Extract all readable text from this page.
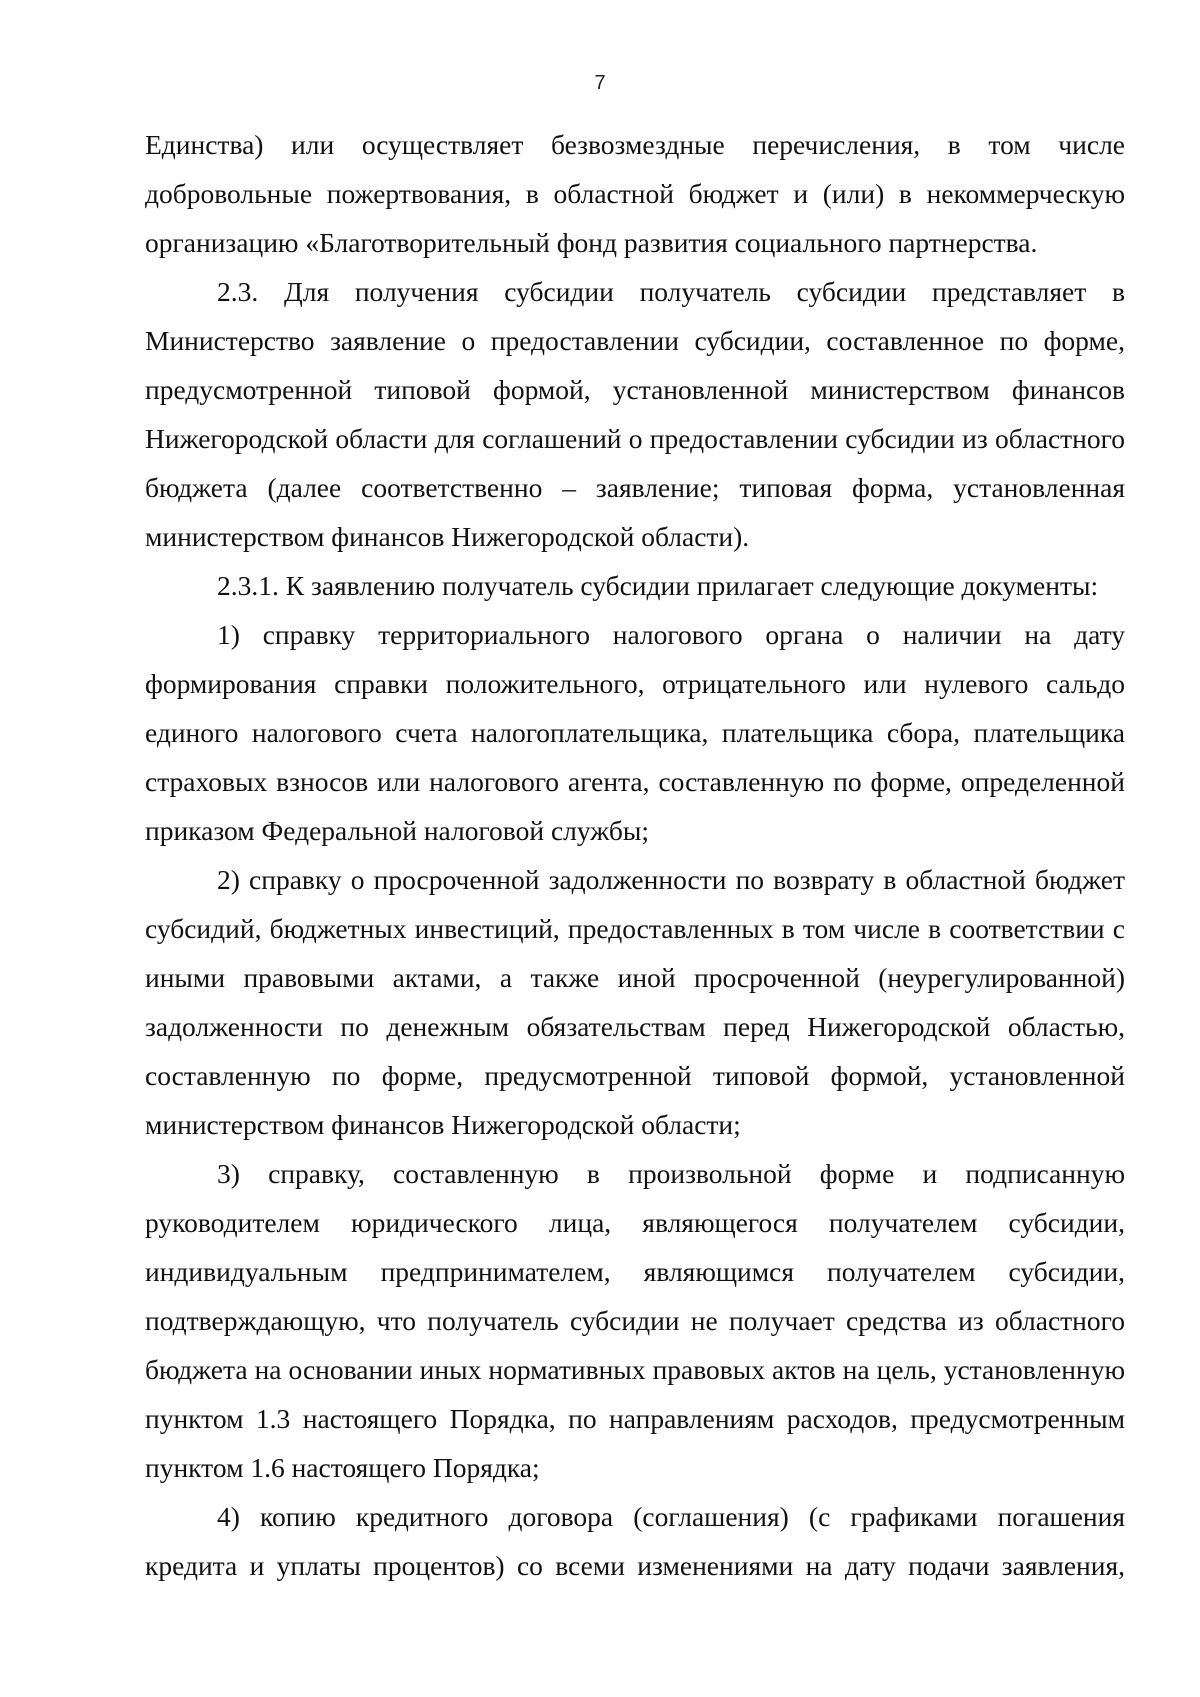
7

Единства) или осуществляет безвозмездные перечисления, в том числе добровольные пожертвования, в областной бюджет и (или) в некоммерческую организацию «Благотворительный фонд развития социального партнерства.

2.3. Для получения субсидии получатель субсидии представляет в Министерство заявление о предоставлении субсидии, составленное по форме, предусмотренной типовой формой, установленной министерством финансов Нижегородской области для соглашений о предоставлении субсидии из областного бюджета (далее соответственно – заявление; типовая форма, установленная министерством финансов Нижегородской области).

2.3.1. К заявлению получатель субсидии прилагает следующие документы:

1) справку территориального налогового органа о наличии на дату формирования справки положительного, отрицательного или нулевого сальдо единого налогового счета налогоплательщика, плательщика сбора, плательщика страховых взносов или налогового агента, составленную по форме, определенной приказом Федеральной налоговой службы;

2) справку о просроченной задолженности по возврату в областной бюджет субсидий, бюджетных инвестиций, предоставленных в том числе в соответствии с иными правовыми актами, а также иной просроченной (неурегулированной) задолженности по денежным обязательствам перед Нижегородской областью, составленную по форме, предусмотренной типовой формой, установленной министерством финансов Нижегородской области;

3) справку, составленную в произвольной форме и подписанную руководителем юридического лица, являющегося получателем субсидии, индивидуальным предпринимателем, являющимся получателем субсидии, подтверждающую, что получатель субсидии не получает средства из областного бюджета на основании иных нормативных правовых актов на цель, установленную пунктом 1.3 настоящего Порядка, по направлениям расходов, предусмотренным пунктом 1.6 настоящего Порядка;

4) копию кредитного договора (соглашения) (с графиками погашения кредита и уплаты процентов) со всеми изменениями на дату подачи заявления,
